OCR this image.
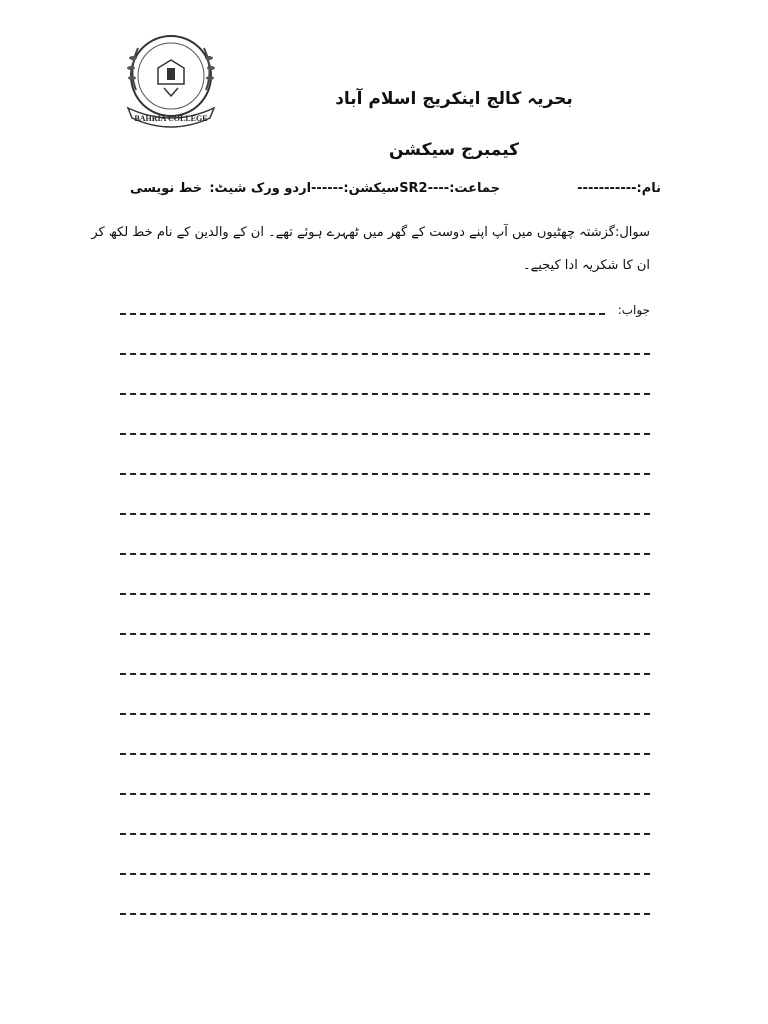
BAHRIA COLLEGE
بحریہ کالج اینکریج اسلام آباد
کیمبرج سیکشن
نام:-----------
جماعت:----SR2سیکشن:------اردو ورک شیٹ:
خط نویسی
سوال:گزشتہ چھٹیوں میں آپ اپنے دوست کے گھر میں ٹھہرے ہوئے تھے۔ ان کے والدین کے نام خط لکھ کر
ان کا شکریہ ادا کیجیے۔
جواب:
